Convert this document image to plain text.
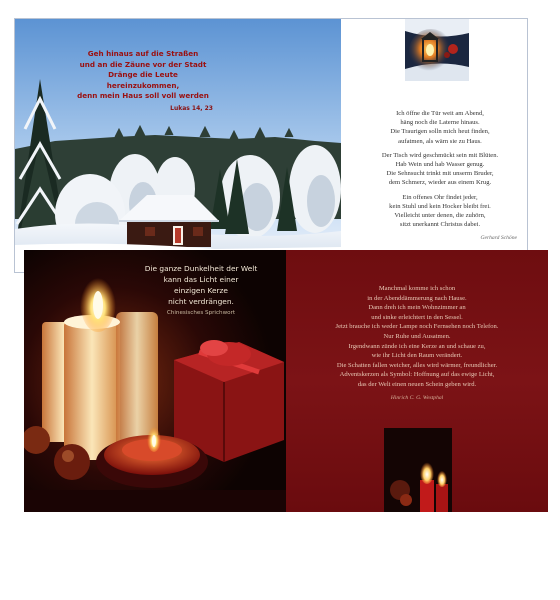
Geh hinaus auf die Straßen
und an die Zäune vor der Stadt
Dränge die Leute hereinzukommen,
denn mein Haus soll voll werden
Lukas 14, 23

Ich öffne die Tür weit am Abend,
häng noch die Laterne hinaus.
Die Traurigen solln mich heut finden,
aufatmen, als wärn sie zu Haus.

Der Tisch wird geschmückt sein mit Blüten.
Hab Wein und hab Wasser genug.
Die Sehnsucht trinkt mit unserm Bruder,
dem Schmerz, wieder aus einem Krug.

Ein offenes Ohr findet jeder,
kein Stuhl und kein Hocker bleibt frei.
Vielleicht unter denen, die zuhörn,
sitzt unerkannt Christus dabei.

Gerhard Schöne
Die ganze Dunkelheit der Welt
kann das Licht einer
einzigen Kerze
nicht verdrängen.
Chinesisches Sprichwort
Manchmal komme ich schon
in der Abenddämmerung nach Hause.
Dann dreh ich mein Wohnzimmer an
und sinke erleichtert in den Sessel.
Jetzt brauche ich weder Lampe noch Fernsehen noch Telefon.
Nur Ruhe und Ausatmen.
Irgendwann zünde ich eine Kerze an und schaue zu,
wie ihr Licht den Raum verändert.
Die Schatten fallen weicher, alles wird wärmer, freundlicher.
Adventskerzen als Symbol: Hoffnung auf das ewige Licht,
das der Welt einen neuen Schein geben wird.
Hinrich C. G. Westphal
